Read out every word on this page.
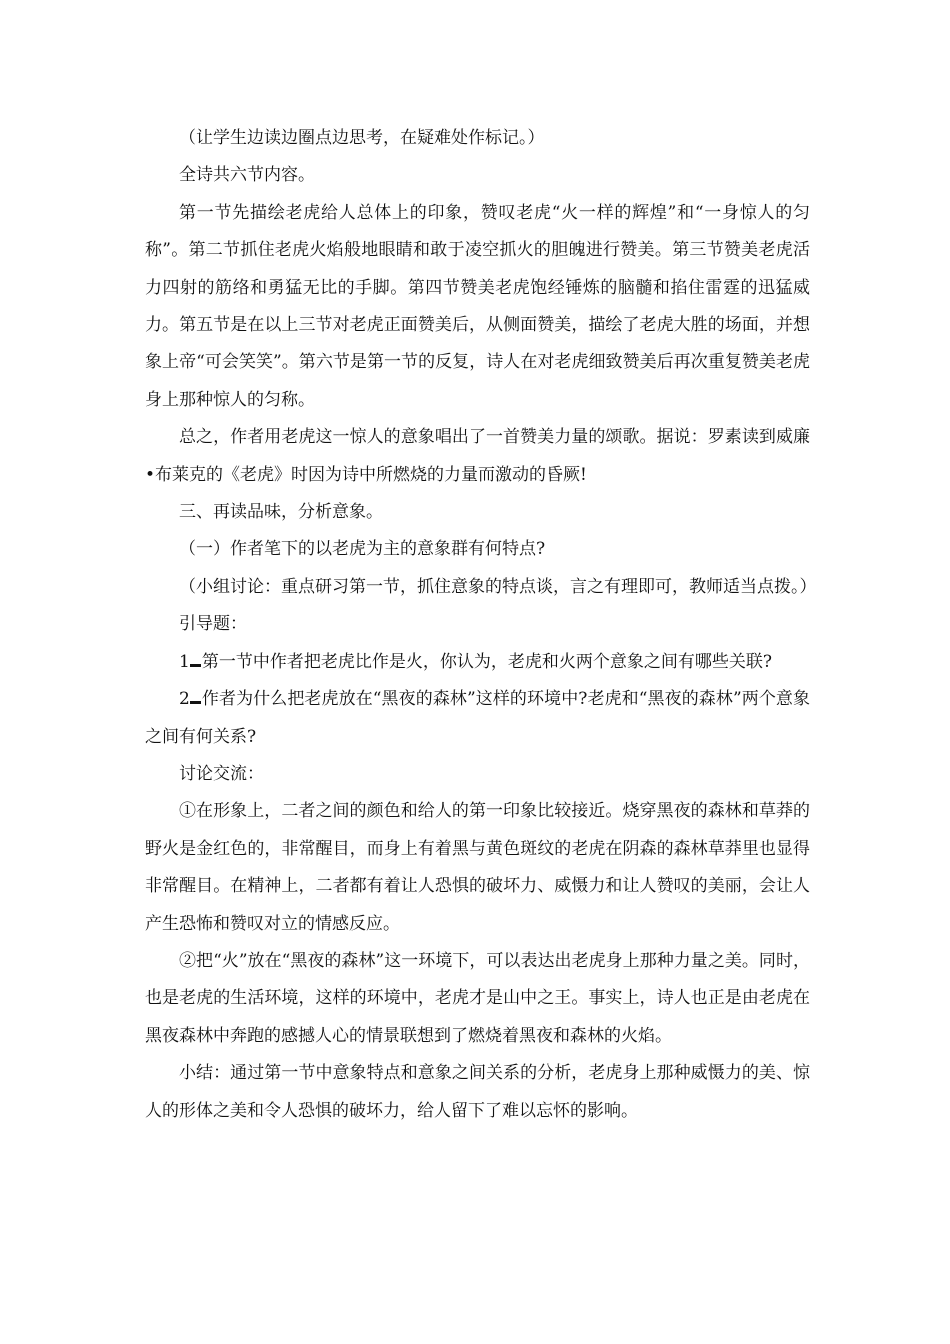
（让学生边读边圈点边思考，在疑难处作标记。）

全诗共六节内容。

第一节先描绘老虎给人总体上的印象，赞叹老虎“火一样的辉煌”和“一身惊人的匀称”。第二节抓住老虎火焰般地眼睛和敢于凌空抓火的胆魄进行赞美。第三节赞美老虎活力四射的筋络和勇猛无比的手脚。第四节赞美老虎饱经锤炼的脑髓和掐住雷霆的迅猛威力。第五节是在以上三节对老虎正面赞美后，从侧面赞美，描绘了老虎大胜的场面，并想象上帝“可会笑笑”。第六节是第一节的反复，诗人在对老虎细致赞美后再次重复赞美老虎身上那种惊人的匀称。

总之，作者用老虎这一惊人的意象唱出了一首赞美力量的颂歌。据说：罗素读到威廉•布莱克的《老虎》时因为诗中所燃烧的力量而激动的昏厥!

三、再读品味，分析意象。

（一）作者笔下的以老虎为主的意象群有何特点?

（小组讨论：重点研习第一节，抓住意象的特点谈，言之有理即可，教师适当点拨。）

引导题：

1 第一节中作者把老虎比作是火，你认为，老虎和火两个意象之间有哪些关联?

2 作者为什么把老虎放在“黑夜的森林”这样的环境中?老虎和“黑夜的森林”两个意象之间有何关系?

讨论交流：

①在形象上，二者之间的颜色和给人的第一印象比较接近。烧穿黑夜的森林和草莽的野火是金红色的，非常醒目，而身上有着黑与黄色斑纹的老虎在阴森的森林草莽里也显得非常醒目。在精神上，二者都有着让人恐惧的破坏力、威慑力和让人赞叹的美丽，会让人产生恐怖和赞叹对立的情感反应。

②把“火”放在“黑夜的森林”这一环境下，可以表达出老虎身上那种力量之美。同时，也是老虎的生活环境，这样的环境中，老虎才是山中之王。事实上，诗人也正是由老虎在黑夜森林中奔跑的感撼人心的情景联想到了燃烧着黑夜和森林的火焰。

小结：通过第一节中意象特点和意象之间关系的分析，老虎身上那种威慑力的美、惊人的形体之美和令人恐惧的破坏力，给人留下了难以忘怀的影响。
